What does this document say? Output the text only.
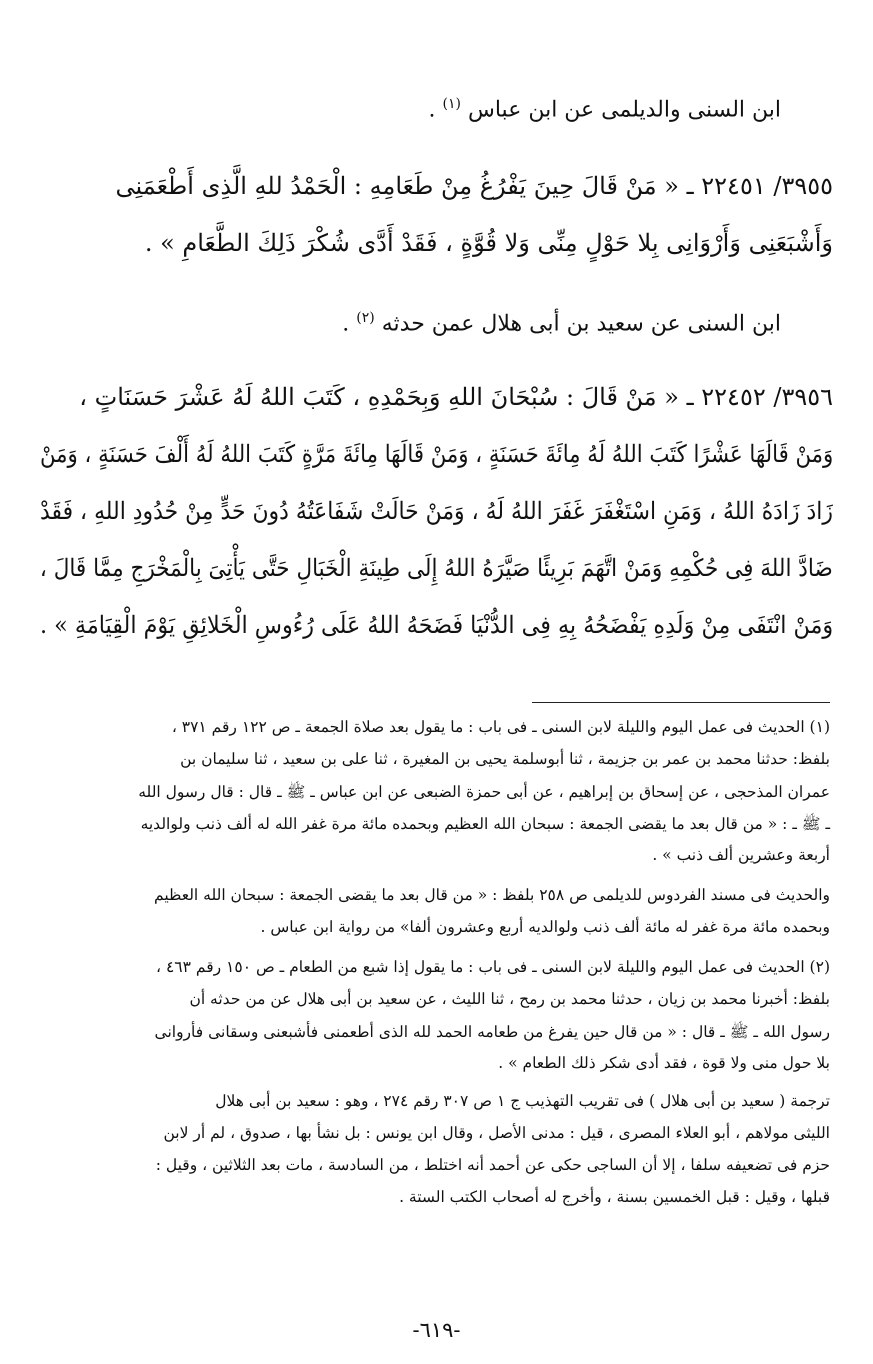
ابن السنى والديلمى عن ابن عباس $^{(١)}$ .

٣٩٥٥/ ٢٢٤٥١ ـ « مَنْ قَالَ حِينَ يَفْرُغُ مِنْ طَعَامِهِ : الْحَمْدُ للهِ الَّذِى أَطْعَمَنِى

وَأَشْبَعَنِى وَأَرْوَانِى بِلا حَوْلٍ مِنِّى وَلا قُوَّةٍ ، فَقَدْ أَدَّى شُكْرَ ذَلِكَ الطَّعَامِ » .

ابن السنى عن سعيد بن أبى هلال عمن حدثه $^{(٢)}$ .

٣٩٥٦/ ٢٢٤٥٢ ـ « مَنْ قَالَ : سُبْحَانَ اللهِ وَبِحَمْدِهِ ، كَتَبَ اللهُ لَهُ عَشْرَ حَسَنَاتٍ ،

وَمَنْ قَالَهَا عَشْرًا كَتَبَ اللهُ لَهُ مِائَةَ حَسَنَةٍ ، وَمَنْ قَالَهَا مِائَةَ مَرَّةٍ كَتَبَ اللهُ لَهُ أَلْفَ حَسَنَةٍ ، وَمَنْ

زَادَ زَادَهُ اللهُ ، وَمَنِ اسْتَغْفَرَ غَفَرَ اللهُ لَهُ ، وَمَنْ حَالَتْ شَفَاعَتُهُ دُونَ حَدٍّ مِنْ حُدُودِ اللهِ ، فَقَدْ

ضَادَّ اللهَ فِى حُكْمِهِ وَمَنْ اتَّهَمَ بَرِيئًا صَيَّرَهُ اللهُ إِلَى طِينَةِ الْخَبَالِ حَتَّى يَأْتِىَ بِالْمَخْرَجِ مِمَّا قَالَ ،

وَمَنْ انْتَفَى مِنْ وَلَدِهِ يَفْضَحُهُ بِهِ فِى الدُّنْيَا فَضَحَهُ اللهُ عَلَى رُءُوسِ الْخَلائِقِ يَوْمَ الْقِيَامَةِ » .

(١) الحديث فى عمل اليوم والليلة لابن السنى ـ فى باب : ما يقول بعد صلاة الجمعة ـ ص ١٢٢ رقم ٣٧١ ،

بلفظ: حدثنا محمد بن عمر بن جزيمة ، ثنا أبوسلمة يحيى بن المغيرة ، ثنا على بن سعيد ، ثنا سليمان بن

عمران المذحجى ، عن إسحاق بن إبراهيم ، عن أبى حمزة الضبعى عن ابن عباس ـ ﷺ ـ قال : قال رسول الله

ـ ﷺ ـ : « من قال بعد ما يقضى الجمعة : سبحان الله العظيم وبحمده مائة مرة غفر الله له ألف ذنب ولوالديه

أربعة وعشرين ألف ذنب » .

والحديث فى مسند الفردوس للديلمى ص ٢٥٨ بلفظ : « من قال بعد ما يقضى الجمعة : سبحان الله العظيم

وبحمده مائة مرة غفر له مائة ألف ذنب ولوالديه أربع وعشرون ألفا» من رواية ابن عباس .

(٢) الحديث فى عمل اليوم والليلة لابن السنى ـ فى باب : ما يقول إذا شبع من الطعام ـ ص ١٥٠ رقم ٤٦٣ ،

بلفظ: أخبرنا محمد بن زيان ، حدثنا محمد بن رمح ، ثنا الليث ، عن سعيد بن أبى هلال عن من حدثه أن

رسول الله ـ ﷺ ـ قال : « من قال حين يفرغ من طعامه الحمد لله الذى أطعمنى فأشبعنى وسقانى فأروانى

بلا حول منى ولا قوة ، فقد أدى شكر ذلك الطعام » .

ترجمة ( سعيد بن أبى هلال ) فى تقريب التهذيب ج ١ ص ٣٠٧ رقم ٢٧٤ ، وهو : سعيد بن أبى هلال

الليثى مولاهم ، أبو العلاء المصرى ، قيل : مدنى الأصل ، وقال ابن يونس : بل نشأ بها ، صدوق ، لم أر لابن

حزم فى تضعيفه سلفا ، إلا أن الساجى حكى عن أحمد أنه اختلط ، من السادسة ، مات بعد الثلاثين ، وقيل :

قبلها ، وقيل : قبل الخمسين بسنة ، وأخرج له أصحاب الكتب الستة .

-٦١٩-
